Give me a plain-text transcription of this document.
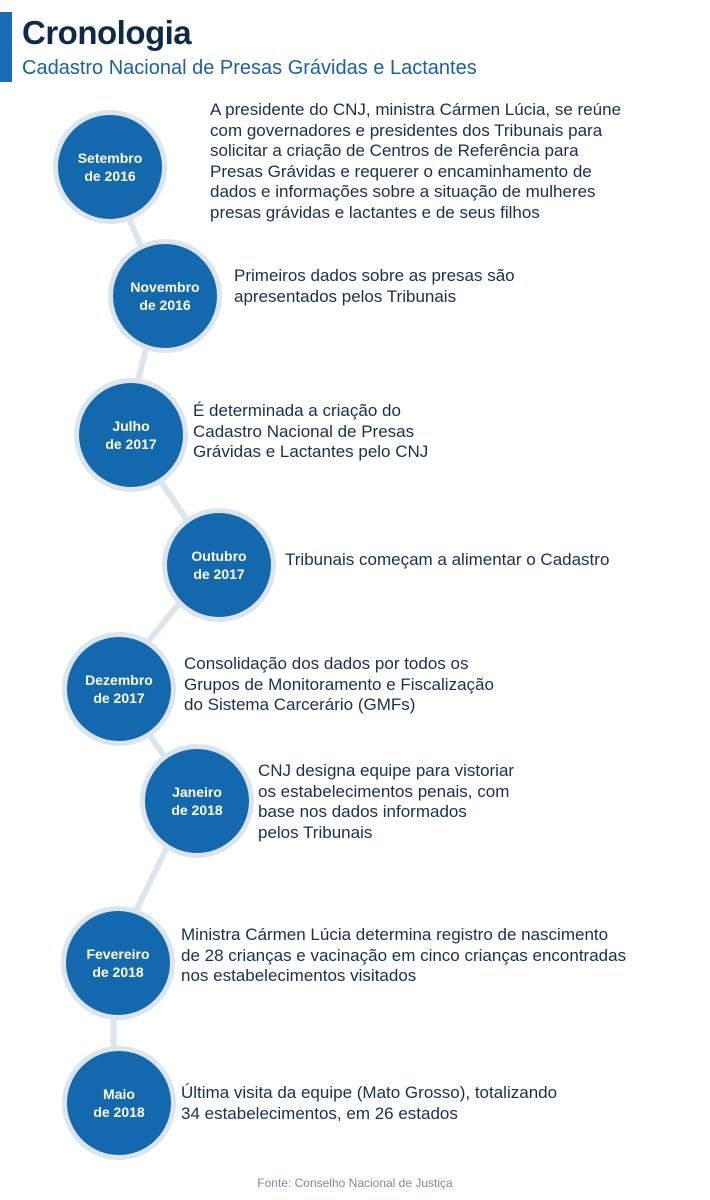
Cronologia
Cadastro Nacional de Presas Grávidas e Lactantes
Setembro
de 2016
A presidente do CNJ, ministra Cármen Lúcia, se reúne
com governadores e presidentes dos Tribunais para
solicitar a criação de Centros de Referência para
Presas Grávidas e requerer o encaminhamento de
dados e informações sobre a situação de mulheres
presas grávidas e lactantes e de seus filhos
Novembro
de 2016
Primeiros dados sobre as presas são
apresentados pelos Tribunais
Julho
de 2017
É determinada a criação do
Cadastro Nacional de Presas
Grávidas e Lactantes pelo CNJ
Outubro
de 2017
Tribunais começam a alimentar o Cadastro
Dezembro
de 2017
Consolidação dos dados por todos os
Grupos de Monitoramento e Fiscalização
do Sistema Carcerário (GMFs)
Janeiro
de 2018
CNJ designa equipe para vistoriar
os estabelecimentos penais, com
base nos dados informados
pelos Tribunais
Fevereiro
de 2018
Ministra Cármen Lúcia determina registro de nascimento
de 28 crianças e vacinação em cinco crianças encontradas
nos estabelecimentos visitados
Maio
de 2018
Última visita da equipe (Mato Grosso), totalizando
34 estabelecimentos, em 26 estados
Fonte: Conselho Nacional de Justiça
